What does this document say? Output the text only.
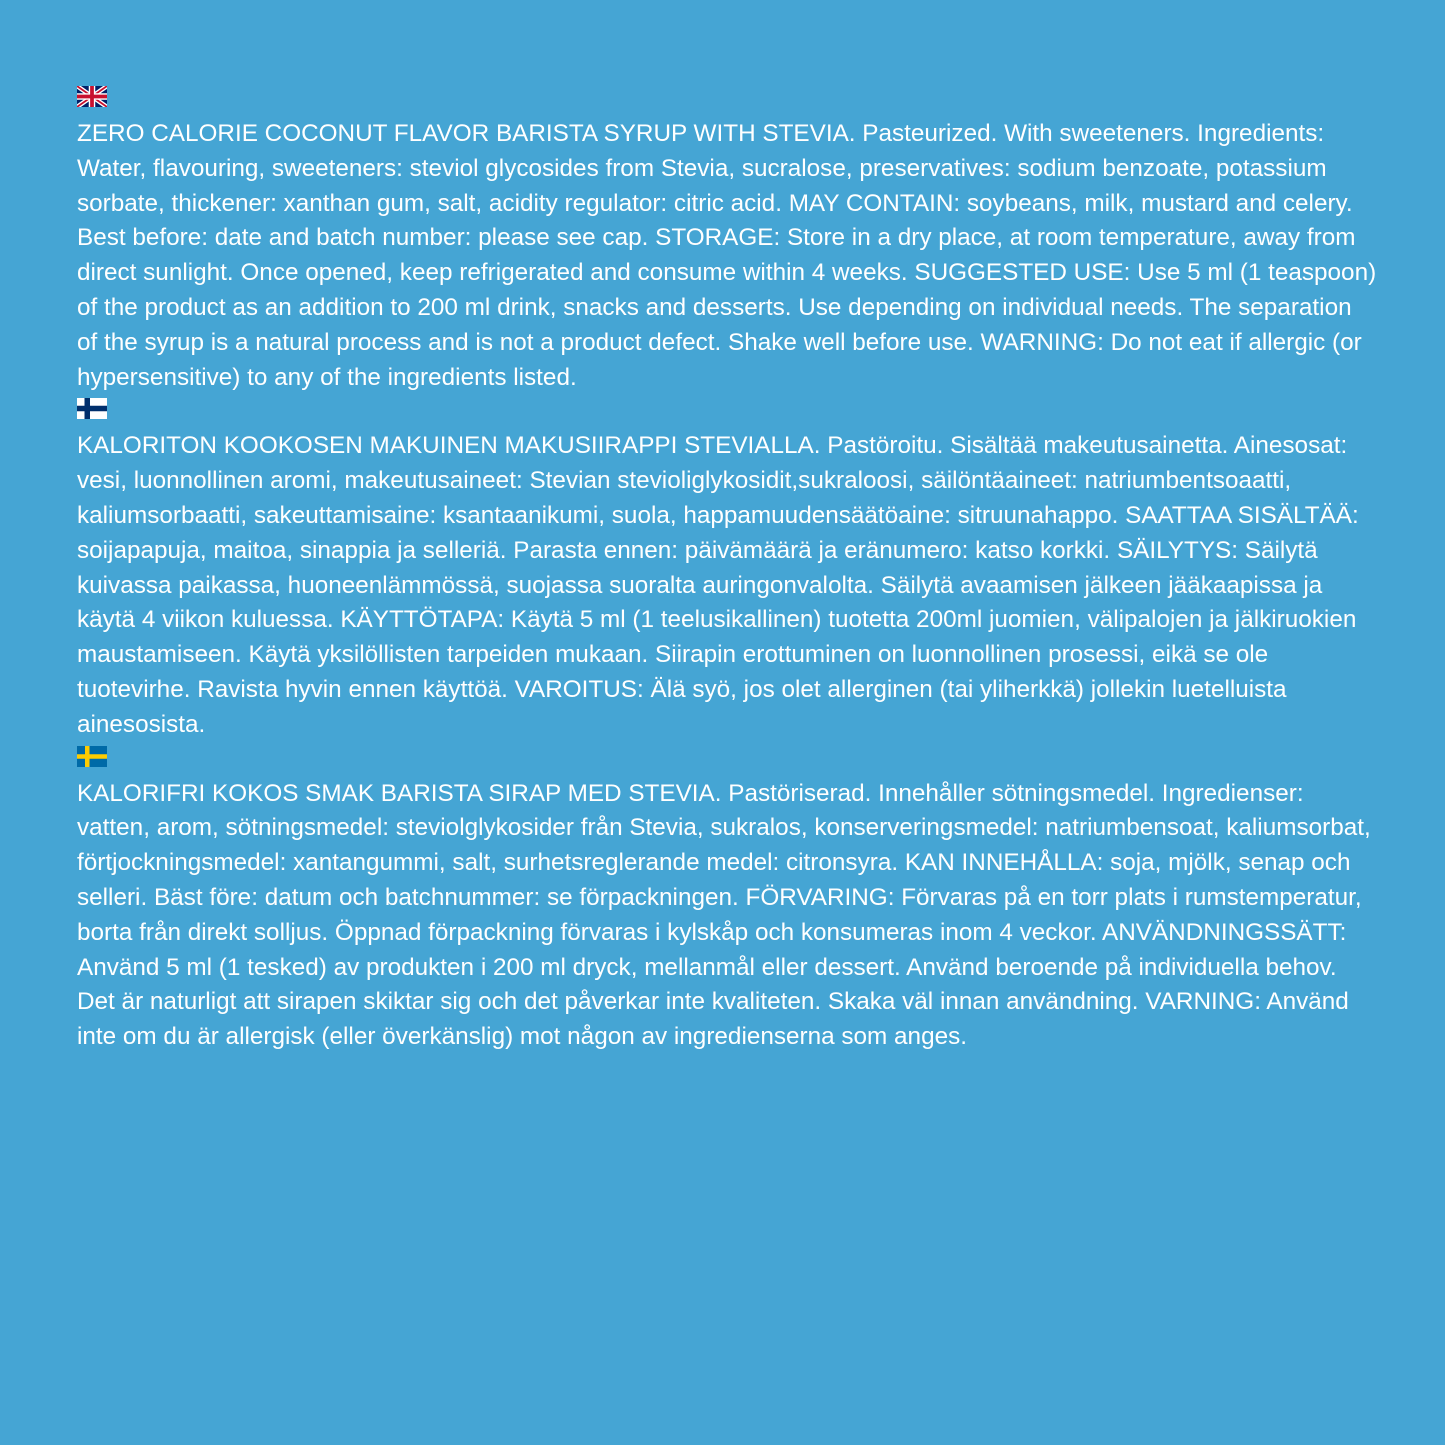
ZERO CALORIE COCONUT FLAVOR BARISTA SYRUP WITH STEVIA. Pasteurized. With sweeteners. Ingredients: Water, flavouring, sweeteners: steviol glycosides from Stevia, sucralose, preservatives: sodium benzoate, potassium sorbate, thickener: xanthan gum, salt, acidity regulator: citric acid. MAY CONTAIN: soybeans, milk, mustard and celery. Best before: date and batch number: please see cap. STORAGE: Store in a dry place, at room temperature, away from direct sunlight. Once opened, keep refrigerated and consume within 4 weeks. SUGGESTED USE: Use 5 ml (1 teaspoon) of the product as an addition to 200 ml drink, snacks and desserts. Use depending on individual needs. The separation of the syrup is a natural process and is not a product defect. Shake well before use. WARNING: Do not eat if allergic (or hypersensitive) to any of the ingredients listed.

KALORITON KOOKOSEN MAKUINEN MAKUSIIRAPPI STEVIALLA. Pastöroitu. Sisältää makeutusainetta. Ainesosat: vesi, luonnollinen aromi, makeutusaineet: Stevian stevioliglykosidit,sukraloosi, säilöntäaineet: natriumbentsoaatti, kaliumsorbaatti, sakeuttamisaine: ksantaanikumi, suola, happamuudensäätöaine: sitruunahappo. SAATTAA SISÄLTÄÄ: soijapapuja, maitoa, sinappia ja selleriä. Parasta ennen: päivämäärä ja eränumero: katso korkki. SÄILYTYS: Säilytä kuivassa paikassa, huoneenlämmössä, suojassa suoralta auringonvalolta. Säilytä avaamisen jälkeen jääkaapissa ja käytä 4 viikon kuluessa. KÄYTTÖTAPA: Käytä 5 ml (1 teelusikallinen) tuotetta 200ml juomien, välipalojen ja jälkiruokien maustamiseen. Käytä yksilöllisten tarpeiden mukaan. Siirapin erottuminen on luonnollinen prosessi, eikä se ole tuotevirhe. Ravista hyvin ennen käyttöä. VAROITUS: Älä syö, jos olet allerginen (tai yliherkkä) jollekin luetelluista ainesosista.

KALORIFRI KOKOS SMAK BARISTA SIRAP MED STEVIA. Pastöriserad. Innehåller sötningsmedel. Ingredienser: vatten, arom, sötningsmedel: steviolglykosider från Stevia, sukralos, konserveringsmedel: natriumbensoat, kaliumsorbat, förtjockningsmedel: xantangummi, salt, surhetsreglerande medel: citronsyra. KAN INNEHÅLLA: soja, mjölk, senap och selleri. Bäst före: datum och batchnummer: se förpackningen. FÖRVARING: Förvaras på en torr plats i rumstemperatur, borta från direkt solljus. Öppnad förpackning förvaras i kylskåp och konsumeras inom 4 veckor. ANVÄNDNINGSSÄTT: Använd 5 ml (1 tesked) av produkten i 200 ml dryck, mellanmål eller dessert. Använd beroende på individuella behov. Det är naturligt att sirapen skiktar sig och det påverkar inte kvaliteten. Skaka väl innan användning. VARNING: Använd inte om du är allergisk (eller överkänslig) mot någon av ingredienserna som anges.
